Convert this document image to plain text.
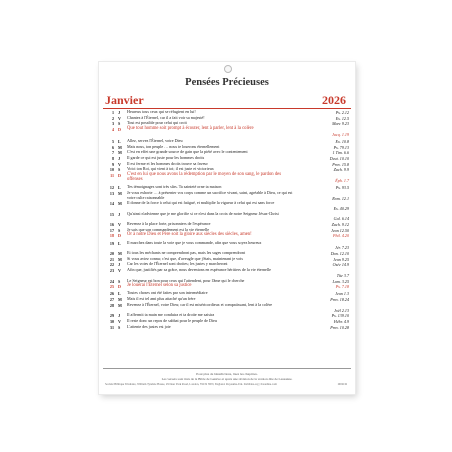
Pensées Précieuses
Janvier	2026
1 J Heureux tous ceux qui se réfugient en lui!	Ps. 2.12
2 V Chantez à l'Éternel, car il a fait voir sa majesté!	Es. 12.5
3 S Tout est possible pour celui qui croit	Marc 9.23
4 D Que tout homme soit prompt à écouter, lent à parler, lent à la colère
Jacq. 1.19
5 L Allez, servez l'Éternel, votre Dieu	Ex. 10.8
6 M Mais nous, ton peuple … nous te louerons éternellement	Ps. 79.13
7 M C'est en effet une grande source de gain que la piété avec le contentement	1 Tim. 6.6
8 J Il garde ce qui est juste pour les hommes droits	Deut. 10.10
9 V Il est ferme et les hommes droits trouve sa faveur	Prov. 15.8
10 S Voici ton Roi, qui vient à toi; il est juste et victorieux	Zach. 9.9
11 D C'est en lui que nous avons la rédemption par le moyen de son sang, le pardon des offenses	Éph. 1.7
12 L Tes témoignages sont très sûrs. Ta sainteté orne ta maison	Ps. 93.5
13 M Je vous exhorte … à présenter vos corps comme un sacrifice vivant, saint, agréable à Dieu, ce qui est votre culte raisonnable	Rom. 12.1
14 M Il donne de la force à celui qui est fatigué, et multiplie la vigueur à celui qui est sans force
Es. 40.29
15 J Qu'ainsi n'advienne que je me glorifie si ce n'est dans la croix de notre Seigneur Jésus-Christ
Gal. 6.14
16 V Revenez à la place forte, prisonniers de l'espérance	Zach. 9.12
17 S Je sais que son commandement est la vie éternelle	Jean 12.50
18 D Or à notre Dieu et Père soit la gloire aux siècles des siècles, amen!	Phil. 4.20
19 L Il marchez dans toute la voie que je vous commande, afin que vous soyez heureux
Jér. 7.23
20 M Et tous les méchants ne comprendront pas, mais les sages comprendront	Dan. 12.10
21 M Si vous aviez connu; c'est que, d'aveugle que j'étais, maintenant je vois	Jean 9.25
22 J Car les voies de l'Éternel sont droites; les justes y marcheront	Osée 14.9
23 V Afin que, justifiés par sa grâce, nous devenions en espérance héritiers de la vie éternelle
Tite 3.7
24 S Le Seigneur est bon pour ceux qui l'attendent, pour l'âme qui le cherche	Lam. 3.25
25 D Je louerai l'Éternel selon sa justice	Ps. 7.18
26 L Toutes choses ont été faites par son intermédiaire	Jean 1.3
27 M Mais il est tel ami plus attaché qu'un frère	Prov. 18.24
28 M Revenez à l'Éternel, votre Dieu; car il est miséricordieux et compatissant, lent à la colère
Joël 2.13
29 J Il affermit ta main me conduira et ta droite me saisira	Ps. 139.10
30 V Il reste donc un repos de sabbat pour le peuple de Dieu	Hébr. 4.9
31 S L'attente des justes est joie	Prov. 10.28
Pour plus de bénédictions, lisez les chapitres.
Les versets sont tirés de la Bible de Genève et après une révision de la version dite de Lausanne.
Société Biblique Trinitaire, William Tyndale House, 29 Deer Park Road, London, SW19 3NN, England. Royaume-Uni. tbsbibles.org | tbsonline.com	1002CR
